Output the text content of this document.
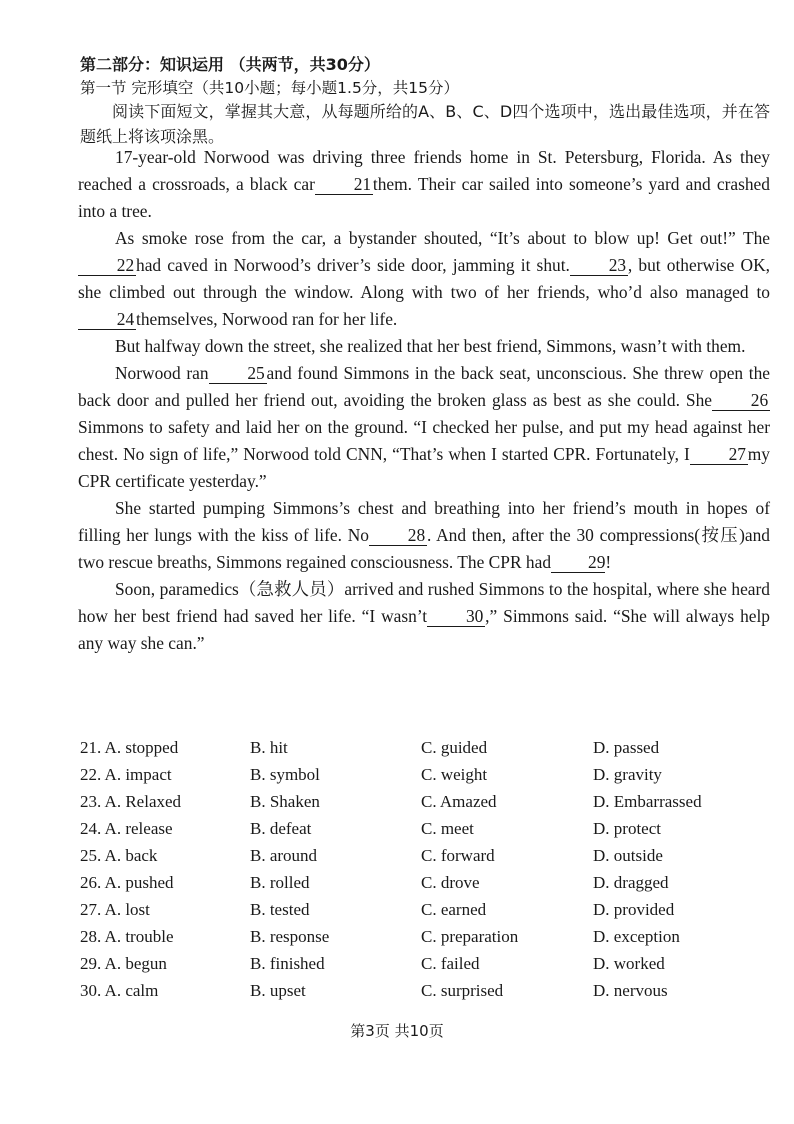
第二部分：知识运用 （共两节，共30分）
第一节 完形填空（共10小题；每小题1.5分，共15分）
阅读下面短文，掌握其大意，从每题所给的A、B、C、D四个选项中，选出最佳选项，并在答题纸上将该项涂黑。

17-year-old Norwood was driving three friends home in St. Petersburg, Florida. As they reached a crossroads, a black car 21 them. Their car sailed into someone’s yard and crashed into a tree.

As smoke rose from the car, a bystander shouted, “It’s about to blow up! Get out!” The22 had caved in Norwood’s driver’s side door, jamming it shut. 23 , but otherwise OK, she climbed out through the window. Along with two of her friends, who’d also managed to24 themselves, Norwood ran for her life.

But halfway down the street, she realized that her best friend, Simmons, wasn’t with them.

Norwood ran 25 and found Simmons in the back seat, unconscious. She threw open the back door and pulled her friend out, avoiding the broken glass as best as she could. She 26Simmons to safety and laid her on the ground. “I checked her pulse, and put my head against her chest. No sign of life,” Norwood told CNN, “That’s when I started CPR. Fortunately, I 27 my CPR certificate yesterday.”

She started pumping Simmons’s chest and breathing into her friend’s mouth in hopes of filling her lungs with the kiss of life. No 28 . And then, after the 30 compressions(按压)and two rescue breaths, Simmons regained consciousness. The CPR had 29!

Soon, paramedics（急救人员）arrived and rushed Simmons to the hospital, where she heard how her best friend had saved her life. “I wasn’t 30 ,” Simmons said. “She will always help any way she can.”

21. A. stopped	B. hit	C. guided	D. passed
22. A. impact	B. symbol	C. weight	D. gravity
23. A. Relaxed	B. Shaken	C. Amazed	D. Embarrassed
24. A. release	B. defeat	C. meet	D. protect
25. A. back	B. around	C. forward	D. outside
26. A. pushed	B. rolled	C. drove	D. dragged
27. A. lost	B. tested	C. earned	D. provided
28. A. trouble	B. response	C. preparation	D. exception
29. A. begun	B. finished	C. failed	D. worked
30. A. calm	B. upset	C. surprised	D. nervous
第3页 共10页
